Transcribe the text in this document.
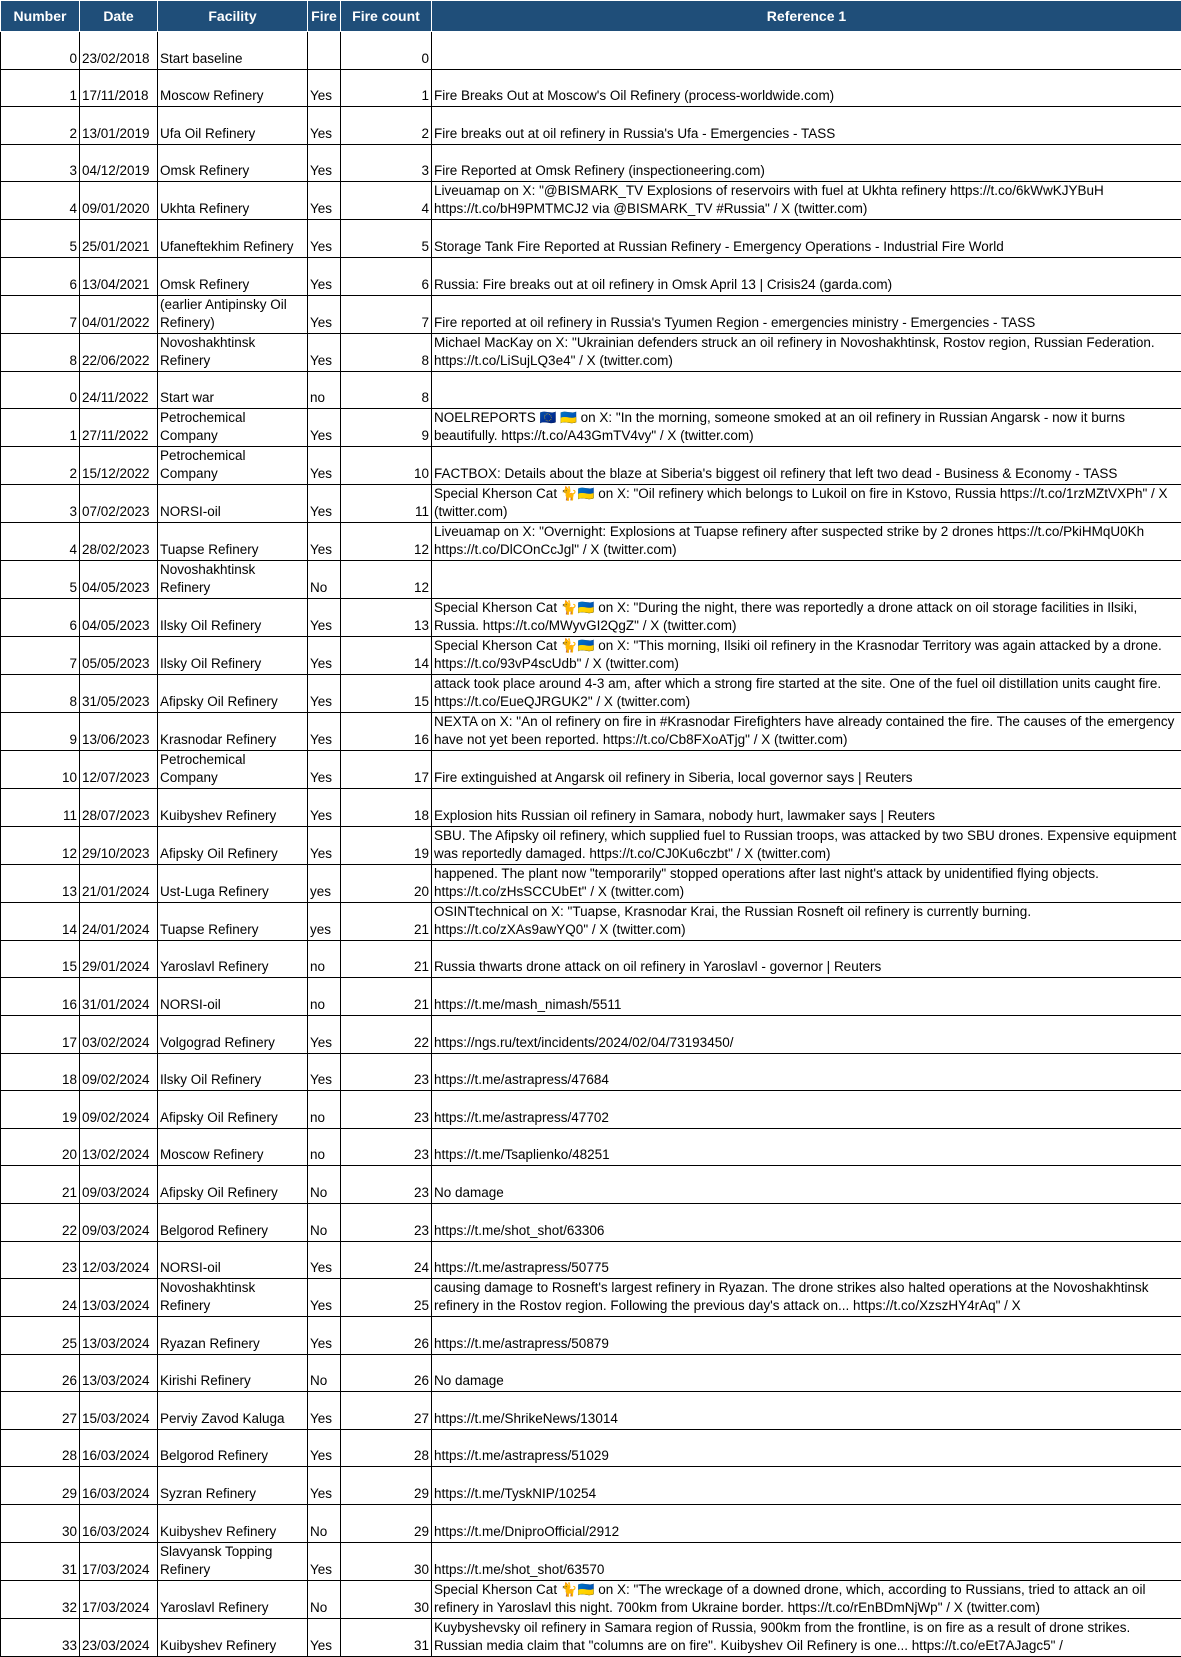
Number	Date	Facility	Fire	Fire count	Reference 1

0	23/02/2018	Start baseline		0	

1	17/11/2018	Moscow Refinery	Yes	1	Fire Breaks Out at Moscow's Oil Refinery (process-worldwide.com)

2	13/01/2019	Ufa Oil Refinery	Yes	2	Fire breaks out at oil refinery in Russia's Ufa - Emergencies - TASS

3	04/12/2019	Omsk Refinery	Yes	3	Fire Reported at Omsk Refinery (inspectioneering.com)

4	09/01/2020	Ukhta Refinery	Yes	4	Liveuamap on X: "@BISMARK_TV Explosions of reservoirs with fuel at Ukhta refinery https://t.co/6kWwKJYBuH https://t.co/bH9PMTMCJ2 via @BISMARK_TV #Russia" / X (twitter.com)

5	25/01/2021	Ufaneftekhim Refinery	Yes	5	Storage Tank Fire Reported at Russian Refinery - Emergency Operations - Industrial Fire World

6	13/04/2021	Omsk Refinery	Yes	6	Russia: Fire breaks out at oil refinery in Omsk April 13 | Crisis24 (garda.com)

7	04/01/2022	(earlier Antipinsky Oil Refinery)	Yes	7	Fire reported at oil refinery in Russia's Tyumen Region - emergencies ministry - Emergencies - TASS

8	22/06/2022	Novoshakhtinsk Refinery	Yes	8	Michael MacKay on X: "Ukrainian defenders struck an oil refinery in Novoshakhtinsk, Rostov region, Russian Federation. https://t.co/LiSujLQ3e4" / X (twitter.com)

0	24/11/2022	Start war	no	8	

1	27/11/2022	Petrochemical Company	Yes	9	NOELREPORTS 🇪🇺 🇺🇦 on X: "In the morning, someone smoked at an oil refinery in Russian Angarsk - now it burns beautifully. https://t.co/A43GmTV4vy" / X (twitter.com)

2	15/12/2022	Petrochemical Company	Yes	10	FACTBOX: Details about the blaze at Siberia's biggest oil refinery that left two dead - Business & Economy - TASS

3	07/02/2023	NORSI-oil	Yes	11	Special Kherson Cat 🐈🇺🇦 on X: "Oil refinery which belongs to Lukoil on fire in Kstovo, Russia https://t.co/1rzMZtVXPh" / X (twitter.com)

4	28/02/2023	Tuapse Refinery	Yes	12	Liveuamap on X: "Overnight: Explosions at Tuapse refinery after suspected strike by 2 drones https://t.co/PkiHMqU0Kh https://t.co/DlCOnCcJgl" / X (twitter.com)

5	04/05/2023	Novoshakhtinsk Refinery	No	12	

6	04/05/2023	Ilsky Oil Refinery	Yes	13	Special Kherson Cat 🐈🇺🇦 on X: "During the night, there was reportedly a drone attack on oil storage facilities in Ilsiki, Russia. https://t.co/MWyvGI2QgZ" / X (twitter.com)

7	05/05/2023	Ilsky Oil Refinery	Yes	14	Special Kherson Cat 🐈🇺🇦 on X: "This morning, Ilsiki oil refinery in the Krasnodar Territory was again attacked by a drone. https://t.co/93vP4scUdb" / X (twitter.com)

8	31/05/2023	Afipsky Oil Refinery	Yes	15	attack took place around 4-3 am, after which a strong fire started at the site. One of the fuel oil distillation units caught fire. https://t.co/EueQJRGUK2" / X (twitter.com)

9	13/06/2023	Krasnodar Refinery	Yes	16	NEXTA on X: "An ol refinery on fire in #Krasnodar Firefighters have already contained the fire. The causes of the emergency have not yet been reported. https://t.co/Cb8FXoATjg" / X (twitter.com)

10	12/07/2023	Petrochemical Company	Yes	17	Fire extinguished at Angarsk oil refinery in Siberia, local governor says | Reuters

11	28/07/2023	Kuibyshev Refinery	Yes	18	Explosion hits Russian oil refinery in Samara, nobody hurt, lawmaker says | Reuters

12	29/10/2023	Afipsky Oil Refinery	Yes	19	SBU. The Afipsky oil refinery, which supplied fuel to Russian troops, was attacked by two SBU drones. Expensive equipment was reportedly damaged. https://t.co/CJ0Ku6czbt" / X (twitter.com)

13	21/01/2024	Ust-Luga Refinery	yes	20	happened. The plant now "temporarily" stopped operations after last night's attack by unidentified flying objects. https://t.co/zHsSCCUbEt" / X (twitter.com)

14	24/01/2024	Tuapse Refinery	yes	21	OSINTtechnical on X: "Tuapse, Krasnodar Krai, the Russian Rosneft oil refinery is currently burning. https://t.co/zXAs9awYQ0" / X (twitter.com)

15	29/01/2024	Yaroslavl Refinery	no	21	Russia thwarts drone attack on oil refinery in Yaroslavl - governor | Reuters

16	31/01/2024	NORSI-oil	no	21	https://t.me/mash_nimash/5511

17	03/02/2024	Volgograd Refinery	Yes	22	https://ngs.ru/text/incidents/2024/02/04/73193450/

18	09/02/2024	Ilsky Oil Refinery	Yes	23	https://t.me/astrapress/47684

19	09/02/2024	Afipsky Oil Refinery	no	23	https://t.me/astrapress/47702

20	13/02/2024	Moscow Refinery	no	23	https://t.me/Tsaplienko/48251

21	09/03/2024	Afipsky Oil Refinery	No	23	No damage

22	09/03/2024	Belgorod Refinery	No	23	https://t.me/shot_shot/63306

23	12/03/2024	NORSI-oil	Yes	24	https://t.me/astrapress/50775

24	13/03/2024	Novoshakhtinsk Refinery	Yes	25	causing damage to Rosneft's largest refinery in Ryazan. The drone strikes also halted operations at the Novoshakhtinsk refinery in the Rostov region. Following the previous day's attack on... https://t.co/XzszHY4rAq" / X

25	13/03/2024	Ryazan Refinery	Yes	26	https://t.me/astrapress/50879

26	13/03/2024	Kirishi Refinery	No	26	No damage

27	15/03/2024	Perviy Zavod Kaluga	Yes	27	https://t.me/ShrikeNews/13014

28	16/03/2024	Belgorod Refinery	Yes	28	https://t.me/astrapress/51029

29	16/03/2024	Syzran Refinery	Yes	29	https://t.me/TyskNIP/10254

30	16/03/2024	Kuibyshev Refinery	No	29	https://t.me/DniproOfficial/2912

31	17/03/2024	Slavyansk Topping Refinery	Yes	30	https://t.me/shot_shot/63570

32	17/03/2024	Yaroslavl Refinery	No	30	Special Kherson Cat 🐈🇺🇦 on X: "The wreckage of a downed drone, which, according to Russians, tried to attack an oil refinery in Yaroslavl this night. 700km from Ukraine border. https://t.co/rEnBDmNjWp" / X (twitter.com)

33	23/03/2024	Kuibyshev Refinery	Yes	31	Kuybyshevsky oil refinery in Samara region of Russia, 900km from the frontline, is on fire as a result of drone strikes. Russian media claim that "columns are on fire". Kuibyshev Oil Refinery is one... https://t.co/eEt7AJagc5" /
